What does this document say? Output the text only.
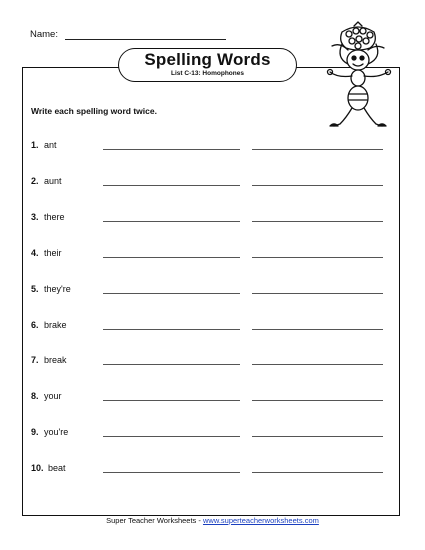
Name:
Spelling Words
List C-13: Homophones
Write each spelling word twice.
1. ant
2. aunt
3. there
4. their
5. they're
6. brake
7. break
8. your
9. you're
10. beat
Super Teacher Worksheets - www.superteacherworksheets.com
